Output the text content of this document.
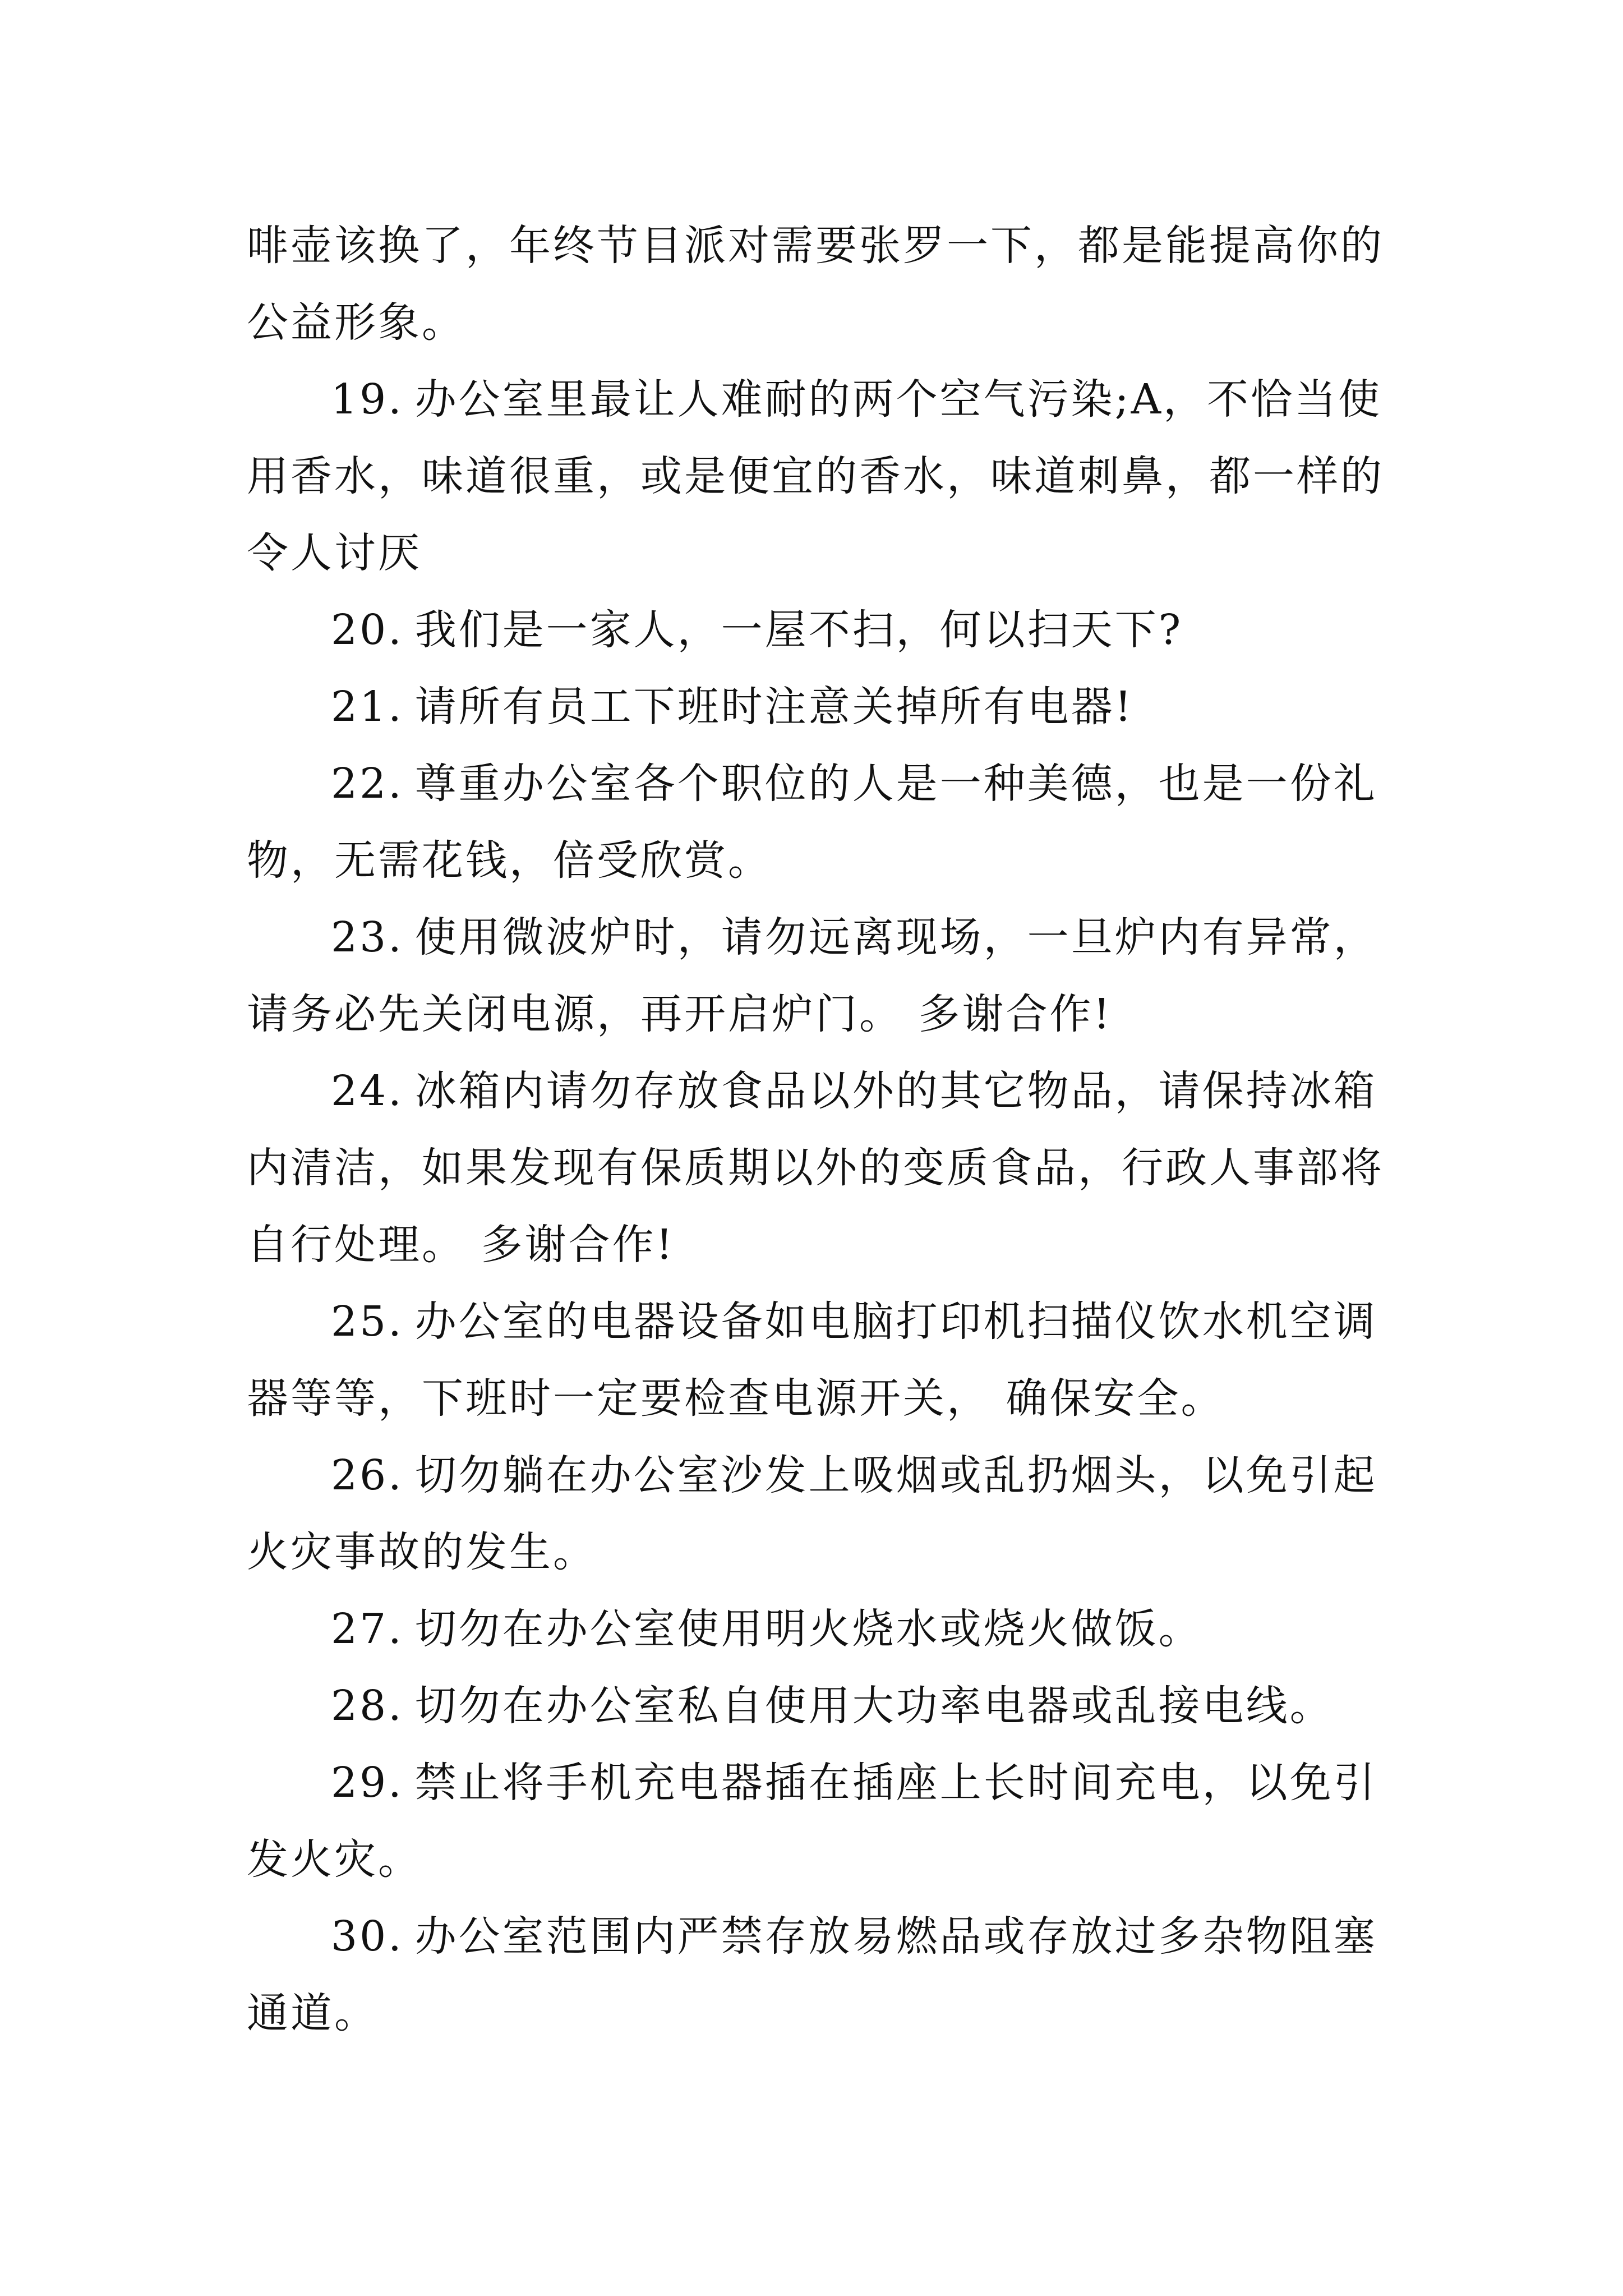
啡壶该换了，年终节目派对需要张罗一下，都是能提高你的公益形象。

19. 办公室里最让人难耐的两个空气污染;A，不恰当使用香水，味道很重，或是便宜的香水，味道刺鼻，都一样的令人讨厌

20. 我们是一家人，一屋不扫，何以扫天下?

21. 请所有员工下班时注意关掉所有电器!

22. 尊重办公室各个职位的人是一种美德，也是一份礼物，无需花钱，倍受欣赏。

23. 使用微波炉时，请勿远离现场，一旦炉内有异常，请务必先关闭电源，再开启炉门。 多谢合作!

24. 冰箱内请勿存放食品以外的其它物品，请保持冰箱内清洁，如果发现有保质期以外的变质食品，行政人事部将自行处理。 多谢合作!

25. 办公室的电器设备如电脑打印机扫描仪饮水机空调器等等，下班时一定要检查电源开关， 确保安全。

26. 切勿躺在办公室沙发上吸烟或乱扔烟头，以免引起火灾事故的发生。

27. 切勿在办公室使用明火烧水或烧火做饭。

28. 切勿在办公室私自使用大功率电器或乱接电线。

29. 禁止将手机充电器插在插座上长时间充电，以免引发火灾。

30. 办公室范围内严禁存放易燃品或存放过多杂物阻塞通道。
